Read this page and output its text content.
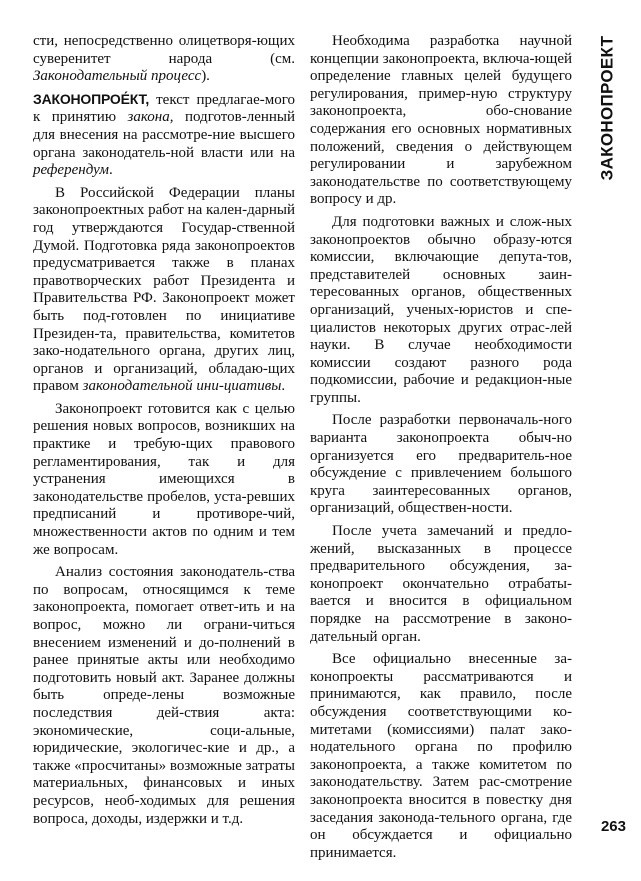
сти, непосредственно олицетворя-ющих суверенитет народа (см. Законодательный процесс).

ЗАКОНОПРОЕ́КТ, текст предлагае-мого к принятию закона, подготов-ленный для внесения на рассмотре-ние высшего органа законодатель-ной власти или на референдум.

В Российской Федерации планы законопроектных работ на кален-дарный год утверждаются Государ-ственной Думой. Подготовка ряда законопроектов предусматривается также в планах правотворческих работ Президента и Правительства РФ. Законопроект может быть под-готовлен по инициативе Президен-та, правительства, комитетов зако-нодательного органа, других лиц, органов и организаций, обладаю-щих правом законодательной ини-циативы.

Законопроект готовится как с целью решения новых вопросов, возникших на практике и требую-щих правового регламентирования, так и для устранения имеющихся в законодательстве пробелов, уста-ревших предписаний и противоре-чий, множественности актов по одним и тем же вопросам.

Анализ состояния законодатель-ства по вопросам, относящимся к теме законопроекта, помогает ответ-ить и на вопрос, можно ли ограни-читься внесением изменений и до-полнений в ранее принятые акты или необходимо подготовить новый акт. Заранее должны быть опреде-лены возможные последствия дей-ствия акта: экономические, соци-альные, юридические, экологичес-кие и др., а также «просчитаны» возможные затраты материальных, финансовых и иных ресурсов, необ-ходимых для решения вопроса, доходы, издержки и т.д.

Необходима разработка научной концепции законопроекта, включа-ющей определение главных целей будущего регулирования, пример-ную структуру законопроекта, обо-снование содержания его основных нормативных положений, сведения о действующем регулировании и зарубежном законодательстве по соответствующему вопросу и др.

Для подготовки важных и слож-ных законопроектов обычно образу-ются комиссии, включающие депута-тов, представителей основных заин-тересованных органов, общественных организаций, ученых-юристов и спе-циалистов некоторых других отрас-лей науки. В случае необходимости комиссии создают разного рода подкомиссии, рабочие и редакцион-ные группы.

После разработки первоначаль-ного варианта законопроекта обыч-но организуется его предваритель-ное обсуждение с привлечением большого круга заинтересованных органов, организаций, обществен-ности.

После учета замечаний и предло-жений, высказанных в процессе предварительного обсуждения, за-конопроект окончательно отрабаты-вается и вносится в официальном порядке на рассмотрение в законо-дательный орган.

Все официально внесенные за-конопроекты рассматриваются и принимаются, как правило, после обсуждения соответствующими ко-митетами (комиссиями) палат зако-нодательного органа по профилю законопроекта, а также комитетом по законодательству. Затем рас-смотрение законопроекта вносится в повестку дня заседания законода-тельного органа, где он обсуждается и официально принимается.

ЗАКОНОПРОЕКТ
263
